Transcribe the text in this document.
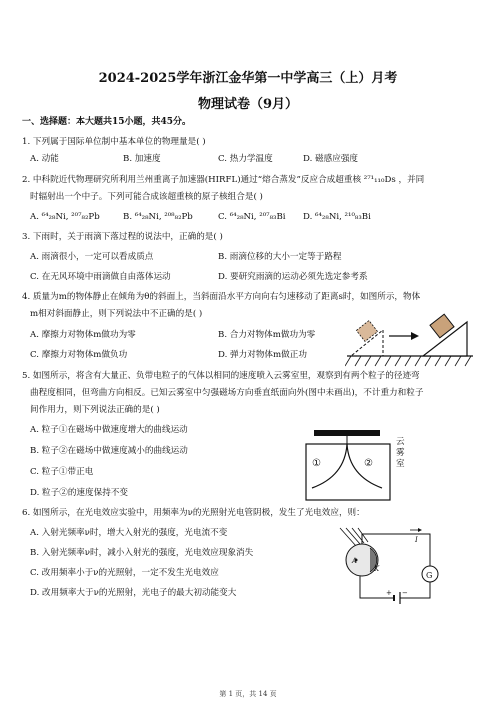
2024-2025学年浙江金华第一中学高三（上）月考
物理试卷（9月）
一、选择题：本大题共15小题，共45分。
1. 下列属于国际单位制中基本单位的物理量是( )
A. 动能	B. 加速度	C. 热力学温度	D. 磁感应强度
2. 中科院近代物理研究所利用兰州重离子加速器(HIRFL)通过“熔合蒸发”反应合成超重核 ²⁷¹₁₁₀Ds ，并同
时辐射出一个中子。下列可能合成该超重核的原子核组合是( )
A. ⁶⁴₂₈Ni, ²⁰⁷₈₂Pb	B. ⁶⁴₂₈Ni, ²⁰⁸₈₂Pb	C. ⁶⁴₂₈Ni, ²⁰⁷₈₃Bi D. ⁶⁴₂₈Ni, ²¹⁰₈₃Bi
3. 下雨时，关于雨滴下落过程的说法中，正确的是( )
A. 雨滴很小，一定可以看成质点	B. 雨滴位移的大小一定等于路程
C. 在无风环境中雨滴做自由落体运动	D. 要研究雨滴的运动必须先选定参考系
4. 质量为m的物体静止在倾角为θ的斜面上，当斜面沿水平方向向右匀速移动了距离s时，如图所示，物体
m相对斜面静止，则下列说法中不正确的是( )
A. 摩擦力对物体m做功为零	B. 合力对物体m做功为零
C. 摩擦力对物体m做负功	D. 弹力对物体m做正功
5. 如图所示，将含有大量正、负带电粒子的气体以相同的速度喷入云雾室里，观察到有两个粒子的径迹弯
曲程度相同，但弯曲方向相反。已知云雾室中匀强磁场方向垂直纸面向外(图中未画出)，不计重力和粒子
间作用力，则下列说法正确的是( )
A. 粒子①在磁场中做速度增大的曲线运动
B. 粒子②在磁场中做速度减小的曲线运动
C. 粒子①带正电
D. 粒子②的速度保持不变
①	②
云雾室
6. 如图所示，在光电效应实验中，用频率为ν的光照射光电管阴极，发生了光电效应，则：
A. 入射光频率ν时，增大入射光的强度，光电流不变
B. 入射光频率ν时，减小入射光的强度，光电效应现象消失
C. 改用频率小于ν的光照射，一定不发生光电效应
D. 改用频率大于ν的光照射，光电子的最大初动能变大
G
K
A
I
+ −
第 1 页，共 14 页
